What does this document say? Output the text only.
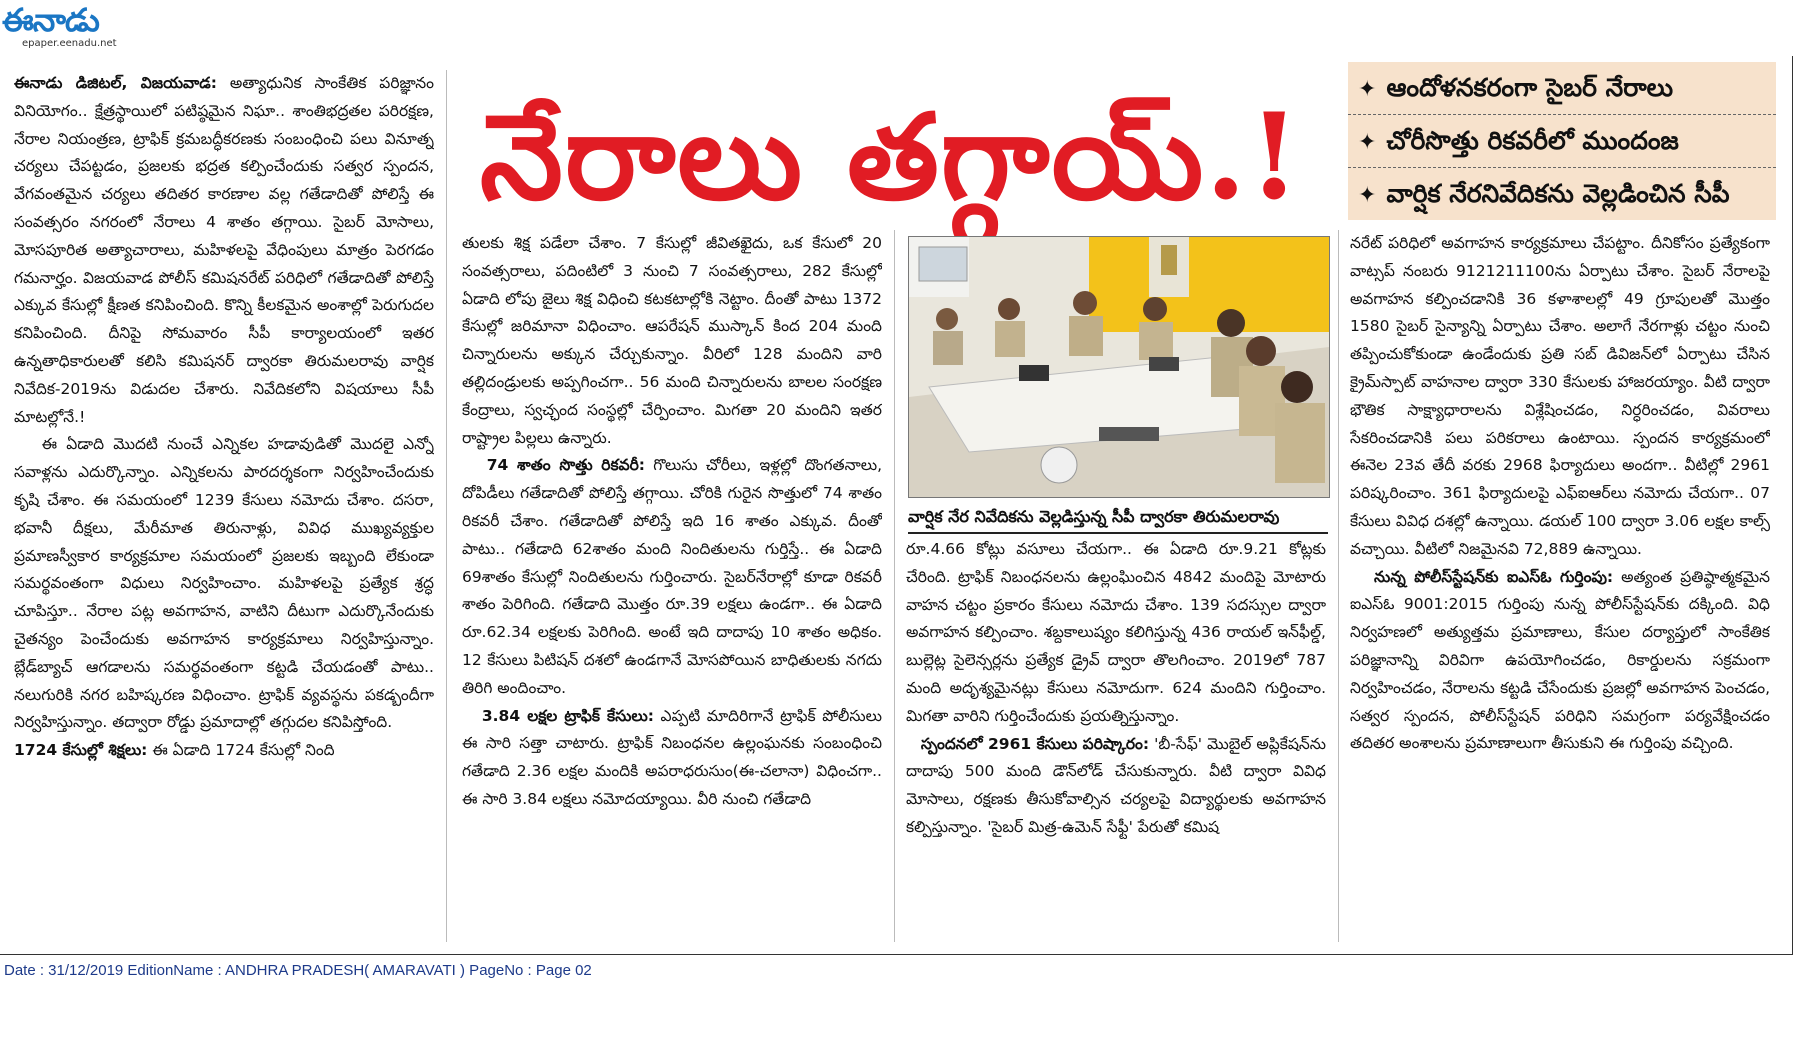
ఈనాడు
epaper.eenadu.net

ఈనాడు డిజిటల్‌, విజయవాడ: అత్యాధునిక సాంకేతిక పరిజ్ఞానం వినియోగం.. క్షేత్రస్థాయిలో పటిష్ఠమైన నిఘా.. శాంతిభద్రతల పరిరక్షణ, నేరాల నియంత్రణ, ట్రాఫిక్‌ క్రమబద్ధీకరణకు సంబంధించి పలు వినూత్న చర్యలు చేపట్టడం, ప్రజలకు భద్రత కల్పించేందుకు సత్వర స్పందన, వేగవంతమైన చర్యలు తదితర కారణాల వల్ల గతేడాదితో పోలిస్తే ఈ సంవత్సరం నగరంలో నేరాలు 4 శాతం తగ్గాయి. సైబర్‌ మోసాలు, మోసపూరిత అత్యాచారాలు, మహిళలపై వేధింపులు మాత్రం పెరగడం గమనార్హం. విజయవాడ పోలీస్‌ కమిషనరేట్‌ పరిధిలో గతేడాదితో పోలిస్తే ఎక్కువ కేసుల్లో క్షీణత కనిపించింది. కొన్ని కీలకమైన అంశాల్లో పెరుగుదల కనిపించింది. దీనిపై సోమవారం సీపీ కార్యాలయంలో ఇతర ఉన్నతాధికారులతో కలిసి కమిషనర్‌ ద్వారకా తిరుమలరావు వార్షిక నివేదిక-2019ను విడుదల చేశారు. నివేదికలోని విషయాలు సీపీ మాటల్లోనే.!

ఈ ఏడాది మొదటి నుంచే ఎన్నికల హడావుడితో మొదలై ఎన్నో సవాళ్లను ఎదుర్కొన్నాం. ఎన్నికలను పారదర్శకంగా నిర్వహించేందుకు కృషి చేశాం. ఈ సమయంలో 1239 కేసులు నమోదు చేశాం. దసరా, భవానీ దీక్షలు, మేరీమాత తిరునాళ్లు, వివిధ ముఖ్యవ్యక్తుల ప్రమాణస్వీకార కార్యక్రమాల సమయంలో ప్రజలకు ఇబ్బంది లేకుండా సమర్థవంతంగా విధులు నిర్వహించాం. మహిళలపై ప్రత్యేక శ్రద్ధ చూపిస్తూ.. నేరాల పట్ల అవగాహన, వాటిని దీటుగా ఎదుర్కొనేందుకు చైతన్యం పెంచేందుకు అవగాహన కార్యక్రమాలు నిర్వహిస్తున్నాం. బ్లేడ్‌బ్యాచ్‌ ఆగడాలను సమర్థవంతంగా కట్టడి చేయడంతో పాటు.. నలుగురికి నగర బహిష్కరణ విధించాం. ట్రాఫిక్‌ వ్యవస్థను పకడ్బందీగా నిర్వహిస్తున్నాం. తద్వారా రోడ్డు ప్రమాదాల్లో తగ్గుదల కనిపిస్తోంది.

1724 కేసుల్లో శిక్షలు: ఈ ఏడాది 1724 కేసుల్లో నింది

నేరాలు తగ్గాయ్‌.!	✦ ఆందోళనకరంగా సైబర్‌ నేరాలు
✦ చోరీసొత్తు రికవరీలో ముందంజ
✦ వార్షిక నేరనివేదికను వెల్లడించిన సీపీ

తులకు శిక్ష పడేలా చేశాం. 7 కేసుల్లో జీవితఖైదు, ఒక కేసులో 20 సంవత్సరాలు, పదింటిలో 3 నుంచి 7 సంవత్సరాలు, 282 కేసుల్లో ఏడాది లోపు జైలు శిక్ష విధించి కటకటాల్లోకి నెట్టాం. దీంతో పాటు 1372 కేసుల్లో జరిమానా విధించాం. ఆపరేషన్‌ ముస్కాన్‌ కింద 204 మంది చిన్నారులను అక్కున చేర్చుకున్నాం. వీరిలో 128 మందిని వారి తల్లిదండ్రులకు అప్పగించగా.. 56 మంది చిన్నారులను బాలల సంరక్షణ కేంద్రాలు, స్వచ్ఛంద సంస్థల్లో చేర్పించాం. మిగతా 20 మందిని ఇతర రాష్ట్రాల పిల్లలు ఉన్నారు.

74 శాతం సొత్తు రికవరీ: గొలుసు చోరీలు, ఇళ్లల్లో దొంగతనాలు, దోపిడీలు గతేడాదితో పోలిస్తే తగ్గాయి. చోరికి గురైన సొత్తులో 74 శాతం రికవరీ చేశాం. గతేడాదితో పోలిస్తే ఇది 16 శాతం ఎక్కువ. దీంతో పాటు.. గతేడాది 62శాతం మంది నిందితులను గుర్తిస్తే.. ఈ ఏడాది 69శాతం కేసుల్లో నిందితులను గుర్తించారు. సైబర్‌నేరాల్లో కూడా రికవరీ శాతం పెరిగింది. గతేడాది మొత్తం రూ.39 లక్షలు ఉండగా.. ఈ ఏడాది రూ.62.34 లక్షలకు పెరిగింది. అంటే ఇది దాదాపు 10 శాతం అధికం. 12 కేసులు పిటిషన్‌ దశలో ఉండగానే మోసపోయిన బాధితులకు నగదు తిరిగి అందించాం.

3.84 లక్షల ట్రాఫిక్‌ కేసులు: ఎప్పటి మాదిరిగానే ట్రాఫిక్‌ పోలీసులు ఈ సారి సత్తా చాటారు. ట్రాఫిక్‌ నిబంధనల ఉల్లంఘనకు సంబంధించి గతేడాది 2.36 లక్షల మందికి అపరాధరుసుం(ఈ-చలానా) విధించగా.. ఈ సారి 3.84 లక్షలు నమోదయ్యాయి. వీరి నుంచి గతేడాది

వార్షిక నేర నివేదికను వెల్లడిస్తున్న సీపీ ద్వారకా తిరుమలరావు

రూ.4.66 కోట్లు వసూలు చేయగా.. ఈ ఏడాది రూ.9.21 కోట్లకు చేరింది. ట్రాఫిక్‌ నిబంధనలను ఉల్లంఘించిన 4842 మందిపై మోటారు వాహన చట్టం ప్రకారం కేసులు నమోదు చేశాం. 139 సదస్సుల ద్వారా అవగాహన కల్పించాం. శబ్దకాలుష్యం కలిగిస్తున్న 436 రాయల్‌ ఇన్‌ఫీల్డ్‌, బుల్లెట్ల సైలెన్సర్లను ప్రత్యేక డ్రైవ్‌ ద్వారా తొలగించాం. 2019లో 787 మంది అదృశ్యమైనట్లు కేసులు నమోదుగా. 624 మందిని గుర్తించాం. మిగతా వారిని గుర్తించేందుకు ప్రయత్నిస్తున్నాం.

స్పందనలో 2961 కేసులు పరిష్కారం: 'బీ-సేఫ్‌' మొబైల్‌ అప్లికేషన్‌ను దాదాపు 500 మంది డౌన్‌లోడ్‌ చేసుకున్నారు. వీటి ద్వారా వివిధ మోసాలు, రక్షణకు తీసుకోవాల్సిన చర్యలపై విద్యార్థులకు అవగాహన కల్పిస్తున్నాం. 'సైబర్‌ మిత్ర-ఉమెన్‌ సేఫ్టీ' పేరుతో కమిష

నరేట్‌ పరిధిలో అవగాహన కార్యక్రమాలు చేపట్టాం. దీనికోసం ప్రత్యేకంగా వాట్సప్‌ నంబరు 9121211100ను ఏర్పాటు చేశాం. సైబర్‌ నేరాలపై అవగాహన కల్పించడానికి 36 కళాశాలల్లో 49 గ్రూపులతో మొత్తం 1580 సైబర్‌ సైన్యాన్ని ఏర్పాటు చేశాం. అలాగే నేరగాళ్లు చట్టం నుంచి తప్పించుకోకుండా ఉండేందుకు ప్రతి సబ్‌ డివిజన్‌లో ఏర్పాటు చేసిన క్రైమ్‌స్పాట్‌ వాహనాల ద్వారా 330 కేసులకు హాజరయ్యాం. వీటి ద్వారా భౌతిక సాక్ష్యాధారాలను విశ్లేషించడం, నిర్ధరించడం, వివరాలు సేకరించడానికి పలు పరికరాలు ఉంటాయి. స్పందన కార్యక్రమంలో ఈనెల 23వ తేదీ వరకు 2968 ఫిర్యాదులు అందగా.. వీటిల్లో 2961 పరిష్కరించాం. 361 ఫిర్యాదులపై ఎఫ్‌ఐఆర్‌లు నమోదు చేయగా.. 07 కేసులు వివిధ దశల్లో ఉన్నాయి. డయల్‌ 100 ద్వారా 3.06 లక్షల కాల్స్‌ వచ్చాయి. వీటిలో నిజమైనవి 72,889 ఉన్నాయి.

నున్న పోలీస్‌స్టేషన్‌కు ఐఎస్‌ఓ గుర్తింపు: అత్యంత ప్రతిష్ఠాత్మకమైన ఐఎస్‌ఓ 9001:2015 గుర్తింపు నున్న పోలీస్‌స్టేషన్‌కు దక్కింది. విధి నిర్వహణలో అత్యుత్తమ ప్రమాణాలు, కేసుల దర్యాప్తులో సాంకేతిక పరిజ్ఞానాన్ని విరివిగా ఉపయోగించడం, రికార్డులను సక్రమంగా నిర్వహించడం, నేరాలను కట్టడి చేసేందుకు ప్రజల్లో అవగాహన పెంచడం, సత్వర స్పందన, పోలీస్‌స్టేషన్‌ పరిధిని సమగ్రంగా పర్యవేక్షించడం తదితర అంశాలను ప్రమాణాలుగా తీసుకుని ఈ గుర్తింపు వచ్చింది.

Date : 31/12/2019 EditionName : ANDHRA PRADESH( AMARAVATI ) PageNo : Page 02
